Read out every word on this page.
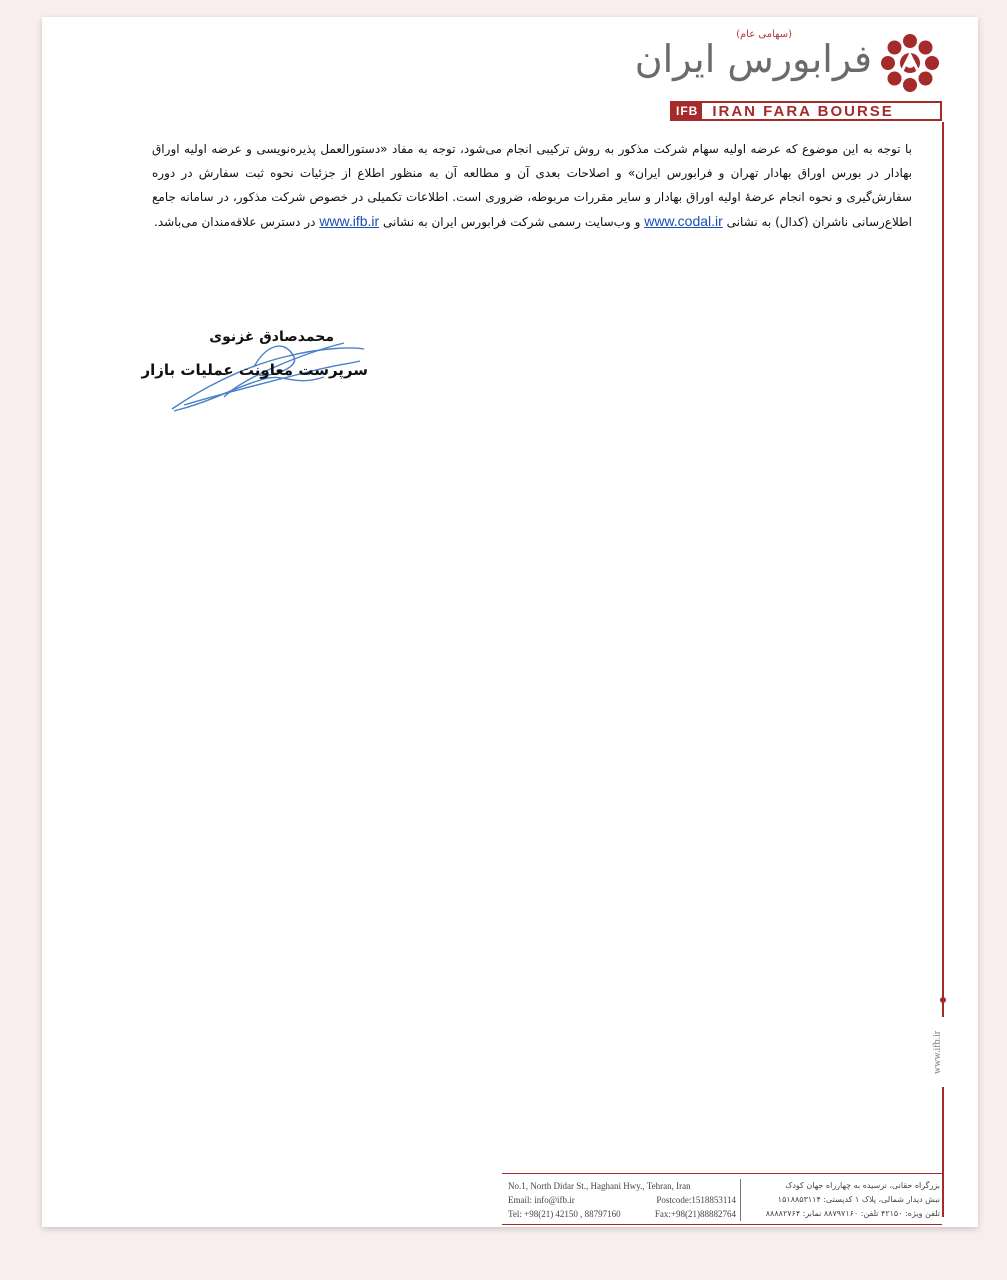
(سهامی عام)
فرابورس ایران
IFB IRAN FARA BOURSE
www.ifb.ir

با توجه به این موضوع که عرضه اولیه سهام شرکت مذکور به روش ترکیبی انجام می‌شود، توجه به مفاد «دستورالعمل پذیره‌نویسی و عرضه اولیه اوراق بهادار در بورس اوراق بهادار تهران و فرابورس ایران» و اصلاحات بعدی آن و مطالعه آن به منظور اطلاع از جزئیات نحوه ثبت سفارش در دوره سفارش‌گیری و نحوه انجام عرضهٔ اولیه اوراق بهادار و سایر مقررات مربوطه، ضروری است. اطلاعات تکمیلی در خصوص شرکت مذکور، در سامانه جامع اطلاع‌رسانی ناشران (کدال) به نشانی www.codal.ir و وب‌سایت رسمی شرکت فرابورس ایران به نشانی www.ifb.ir در دسترس علاقه‌مندان می‌باشد.

محمدصادق غزنوی
سرپرست معاونت عملیات بازار
No.1, North Didar St., Haghani Hwy., Tehran, Iran
Email: info@ifb.ir	Postcode:1518853114
Tel: +98(21) 42150 , 88797160	Fax:+98(21)88882764
بزرگراه حقانی، نرسیده به چهارراه جهان کودک
نبش دیدار شمالی، پلاک ۱ کدپستی: ۱۵۱۸۸۵۳۱۱۴
تلفن ویژه: ۴۲۱۵۰ تلفن: ۸۸۷۹۷۱۶۰ نمابر: ۸۸۸۸۲۷۶۴
